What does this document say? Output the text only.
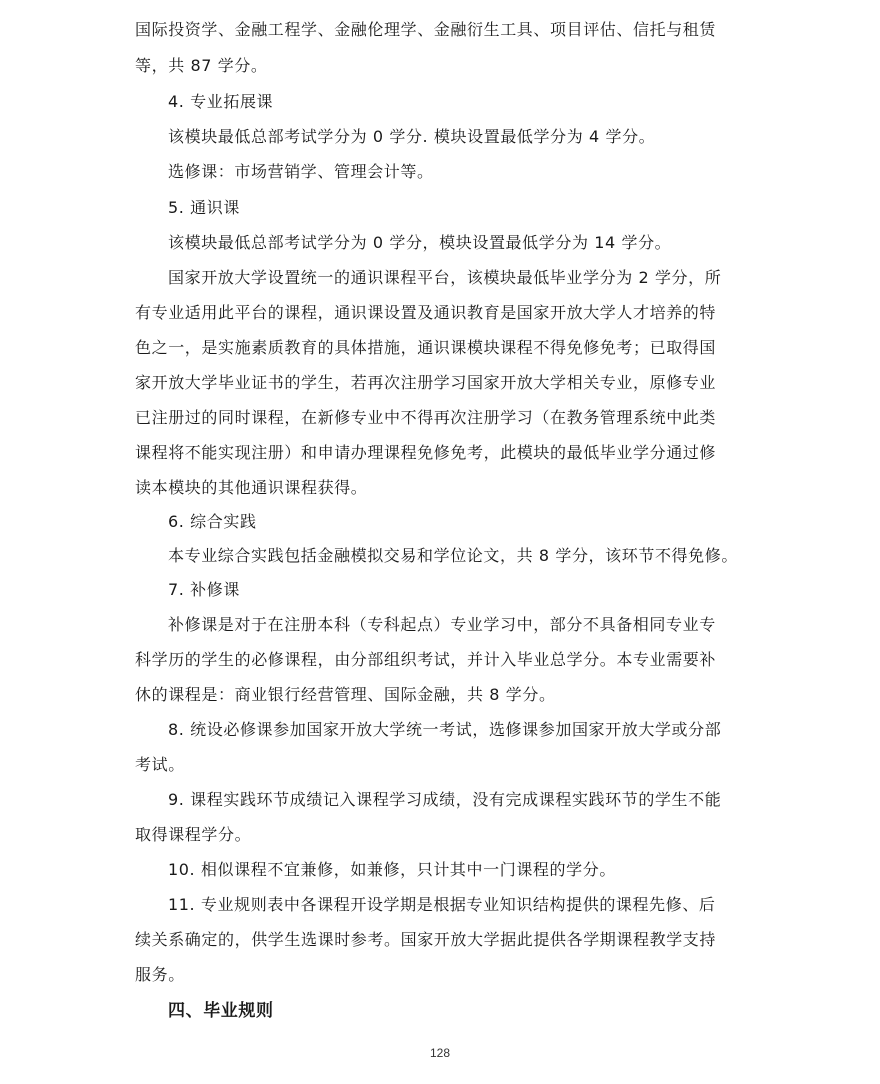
国际投资学、金融工程学、金融伦理学、金融衍生工具、项目评估、信托与租赁
等，共 87 学分。
4. 专业拓展课
该模块最低总部考试学分为 0 学分. 模块设置最低学分为 4 学分。
选修课：市场营销学、管理会计等。
5. 通识课
该模块最低总部考试学分为 0 学分，模块设置最低学分为 14 学分。
国家开放大学设置统一的通识课程平台，该模块最低毕业学分为 2 学分，所
有专业适用此平台的课程，通识课设置及通识教育是国家开放大学人才培养的特
色之一，是实施素质教育的具体措施，通识课模块课程不得免修免考；已取得国
家开放大学毕业证书的学生，若再次注册学习国家开放大学相关专业，原修专业
已注册过的同时课程，在新修专业中不得再次注册学习（在教务管理系统中此类
课程将不能实现注册）和申请办理课程免修免考，此模块的最低毕业学分通过修
读本模块的其他通识课程获得。
6. 综合实践
本专业综合实践包括金融模拟交易和学位论文，共 8 学分，该环节不得免修。
7. 补修课
补修课是对于在注册本科（专科起点）专业学习中，部分不具备相同专业专
科学历的学生的必修课程，由分部组织考试，并计入毕业总学分。本专业需要补
休的课程是：商业银行经营管理、国际金融，共 8 学分。
8. 统设必修课参加国家开放大学统一考试，选修课参加国家开放大学或分部
考试。
9. 课程实践环节成绩记入课程学习成绩，没有完成课程实践环节的学生不能
取得课程学分。
10. 相似课程不宜兼修，如兼修，只计其中一门课程的学分。
11. 专业规则表中各课程开设学期是根据专业知识结构提供的课程先修、后
续关系确定的，供学生选课时参考。国家开放大学据此提供各学期课程教学支持
服务。
四、毕业规则
128
